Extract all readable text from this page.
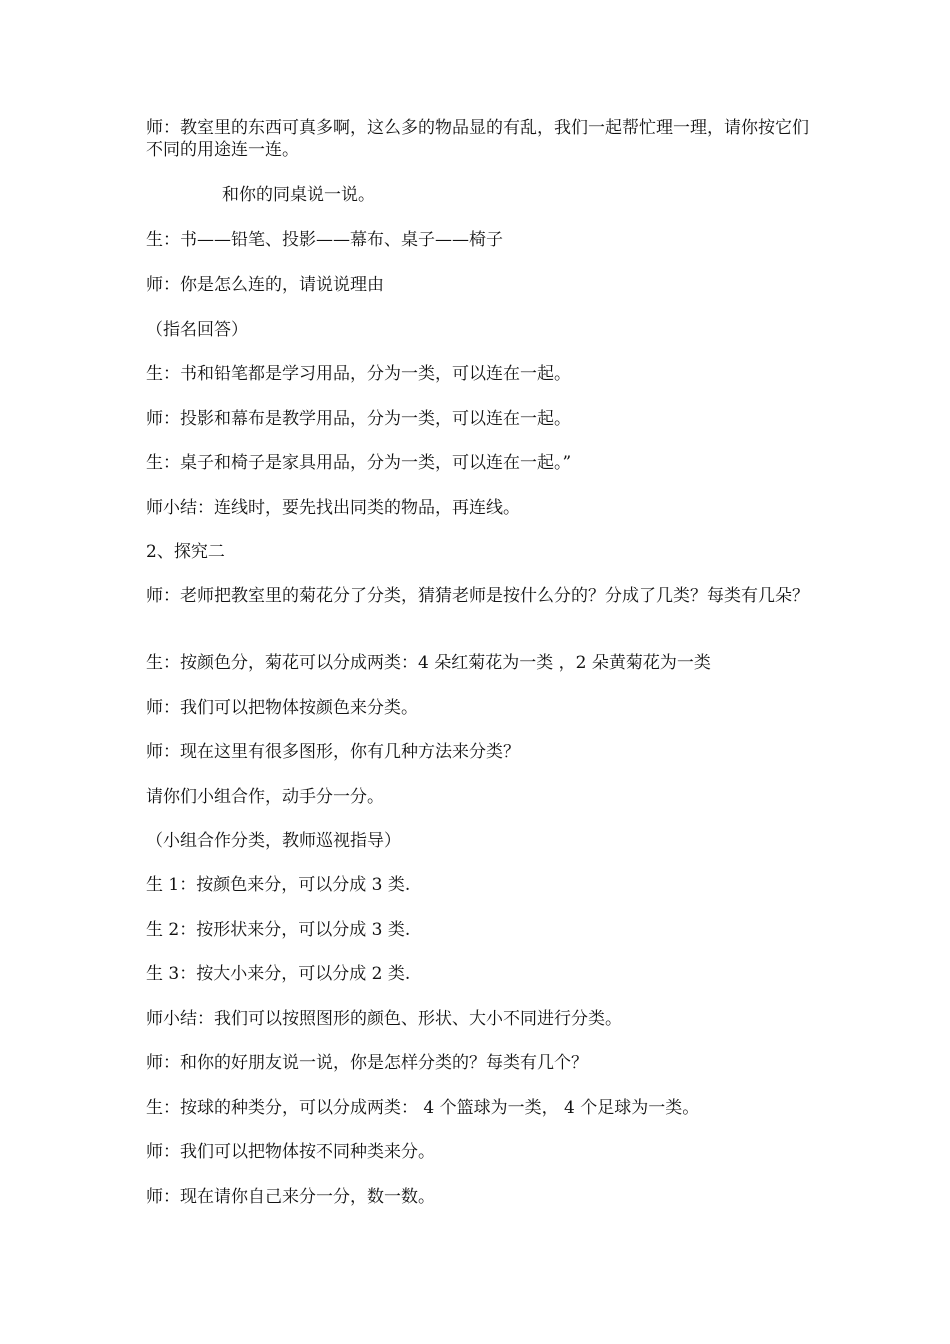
师：教室里的东西可真多啊，这么多的物品显的有乱，我们一起帮忙理一理，请你按它们不同的用途连一连。
和你的同桌说一说。
生：书——铅笔、投影——幕布、桌子——椅子
师：你是怎么连的，请说说理由
（指名回答）
生：书和铅笔都是学习用品，分为一类，可以连在一起。
师：投影和幕布是教学用品，分为一类，可以连在一起。
生：桌子和椅子是家具用品，分为一类，可以连在一起。”
师小结：连线时，要先找出同类的物品，再连线。
2、探究二
师：老师把教室里的菊花分了分类，猜猜老师是按什么分的？分成了几类？每类有几朵？
生：按颜色分，菊花可以分成两类：4 朵红菊花为一类 ，2 朵黄菊花为一类
师：我们可以把物体按颜色来分类。
师：现在这里有很多图形，你有几种方法来分类？
请你们小组合作，动手分一分。
（小组合作分类，教师巡视指导）
生 1：按颜色来分，可以分成 3 类.
生 2：按形状来分，可以分成 3 类.
生 3：按大小来分，可以分成 2 类.
师小结：我们可以按照图形的颜色、形状、大小不同进行分类。
师：和你的好朋友说一说，你是怎样分类的？每类有几个？
生：按球的种类分，可以分成两类： 4 个篮球为一类， 4 个足球为一类。
师：我们可以把物体按不同种类来分。
师：现在请你自己来分一分，数一数。
